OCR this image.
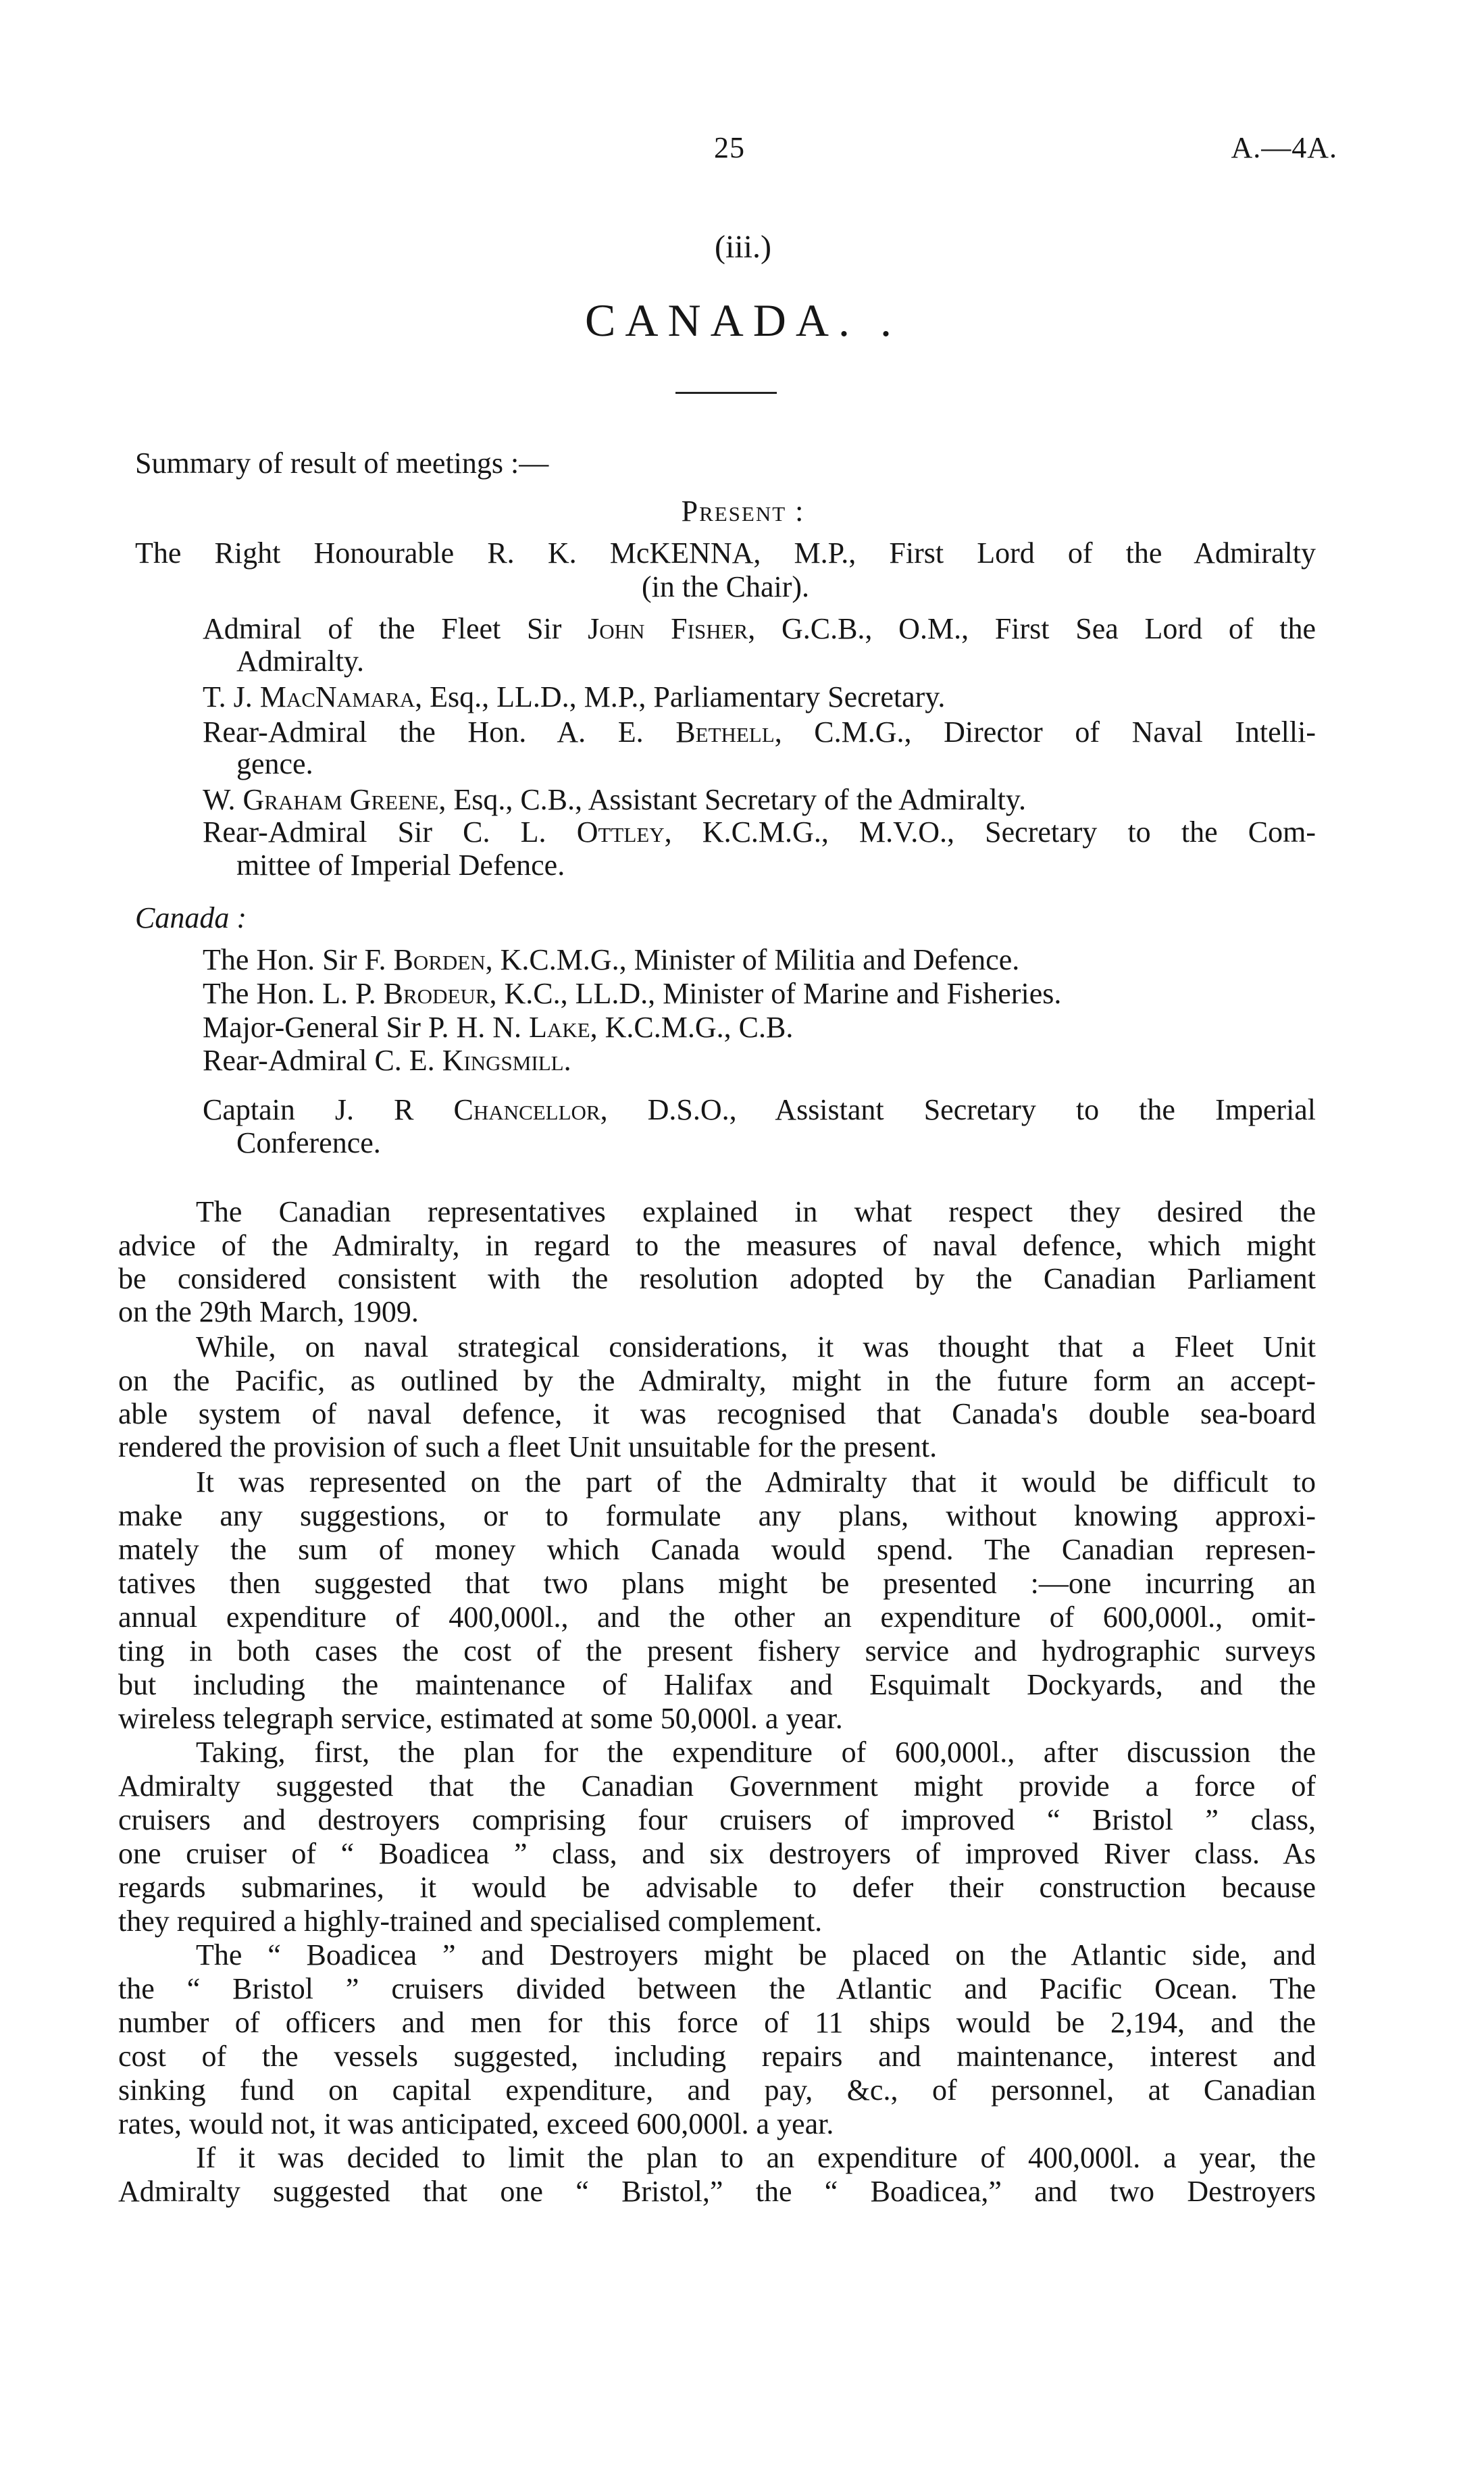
25	A.—4A.
(iii.)
CANADA. .
Summary of result of meetings :—
Present :
The Right Honourable R. K. McKENNA, M.P., First Lord of the Admiralty
(in the Chair).
Admiral of the Fleet Sir John Fisher, G.C.B., O.M., First Sea Lord of the
Admiralty.
T. J. MacNamara, Esq., LL.D., M.P., Parliamentary Secretary.
Rear-Admiral the Hon. A. E. Bethell, C.M.G., Director of Naval Intelli-
gence.
W. Graham Greene, Esq., C.B., Assistant Secretary of the Admiralty.
Rear-Admiral Sir C. L. Ottley, K.C.M.G., M.V.O., Secretary to the Com-
mittee of Imperial Defence.
Canada :
The Hon. Sir F. Borden, K.C.M.G., Minister of Militia and Defence.
The Hon. L. P. Brodeur, K.C., LL.D., Minister of Marine and Fisheries.
Major-General Sir P. H. N. Lake, K.C.M.G., C.B.
Rear-Admiral C. E. Kingsmill.
Captain J. R Chancellor, D.S.O., Assistant Secretary to the Imperial
Conference.
The Canadian representatives explained in what respect they desired the
advice of the Admiralty, in regard to the measures of naval defence, which might
be considered consistent with the resolution adopted by the Canadian Parliament
on the 29th March, 1909.
While, on naval strategical considerations, it was thought that a Fleet Unit
on the Pacific, as outlined by the Admiralty, might in the future form an accept-
able system of naval defence, it was recognised that Canada's double sea-board
rendered the provision of such a fleet Unit unsuitable for the present.
It was represented on the part of the Admiralty that it would be difficult to
make any suggestions, or to formulate any plans, without knowing approxi-
mately the sum of money which Canada would spend. The Canadian represen-
tatives then suggested that two plans might be presented :—one incurring an
annual expenditure of 400,000l., and the other an expenditure of 600,000l., omit-
ting in both cases the cost of the present fishery service and hydrographic surveys
but including the maintenance of Halifax and Esquimalt Dockyards, and the
wireless telegraph service, estimated at some 50,000l. a year.
Taking, first, the plan for the expenditure of 600,000l., after discussion the
Admiralty suggested that the Canadian Government might provide a force of
cruisers and destroyers comprising four cruisers of improved “ Bristol ” class,
one cruiser of “ Boadicea ” class, and six destroyers of improved River class. As
regards submarines, it would be advisable to defer their construction because
they required a highly-trained and specialised complement.
The “ Boadicea ” and Destroyers might be placed on the Atlantic side, and
the “ Bristol ” cruisers divided between the Atlantic and Pacific Ocean. The
number of officers and men for this force of 11 ships would be 2,194, and the
cost of the vessels suggested, including repairs and maintenance, interest and
sinking fund on capital expenditure, and pay, &c., of personnel, at Canadian
rates, would not, it was anticipated, exceed 600,000l. a year.
If it was decided to limit the plan to an expenditure of 400,000l. a year, the
Admiralty suggested that one “ Bristol,” the “ Boadicea,” and two Destroyers
